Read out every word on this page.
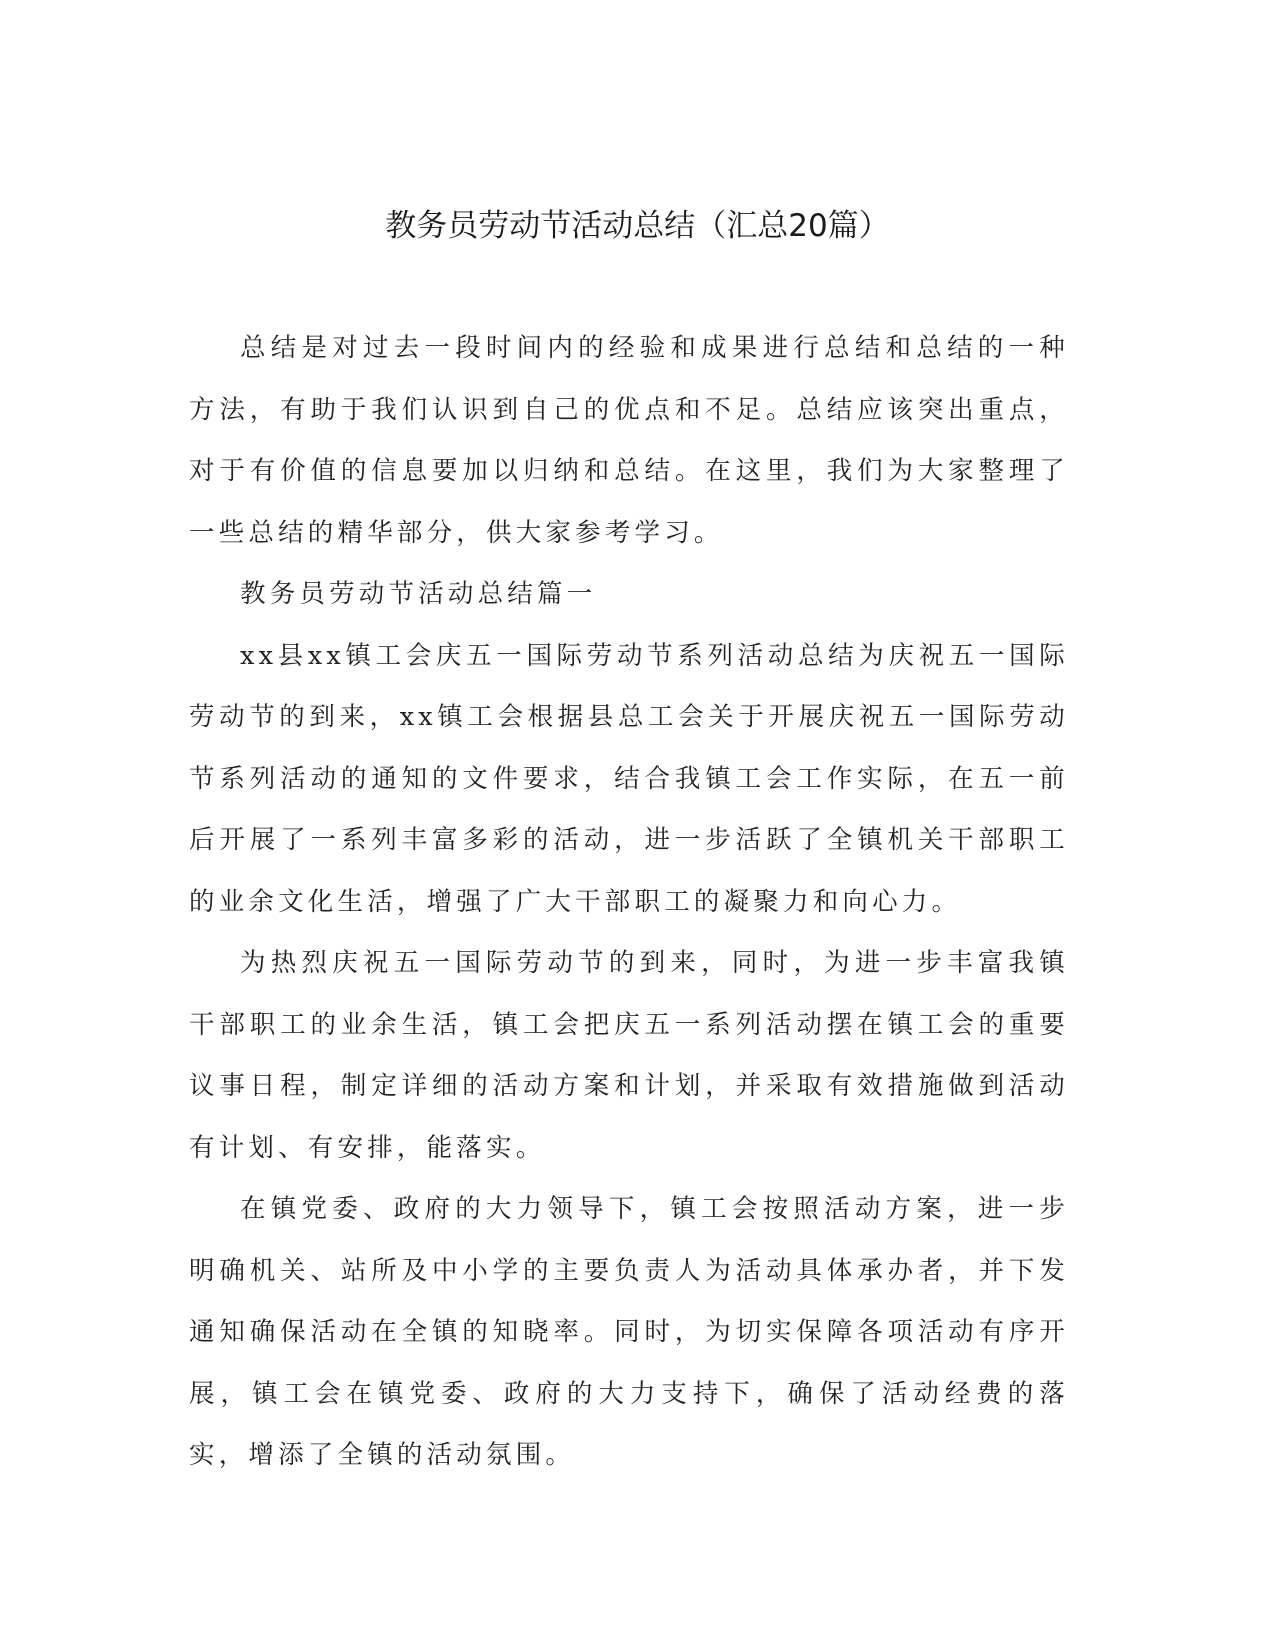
教务员劳动节活动总结（汇总20篇）

总结是对过去一段时间内的经验和成果进行总结和总结的一种方法，有助于我们认识到自己的优点和不足。总结应该突出重点，对于有价值的信息要加以归纳和总结。在这里，我们为大家整理了一些总结的精华部分，供大家参考学习。

教务员劳动节活动总结篇一

xx县xx镇工会庆五一国际劳动节系列活动总结为庆祝五一国际劳动节的到来，xx镇工会根据县总工会关于开展庆祝五一国际劳动节系列活动的通知的文件要求，结合我镇工会工作实际，在五一前后开展了一系列丰富多彩的活动，进一步活跃了全镇机关干部职工的业余文化生活，增强了广大干部职工的凝聚力和向心力。

为热烈庆祝五一国际劳动节的到来，同时，为进一步丰富我镇干部职工的业余生活，镇工会把庆五一系列活动摆在镇工会的重要议事日程，制定详细的活动方案和计划，并采取有效措施做到活动有计划、有安排，能落实。

在镇党委、政府的大力领导下，镇工会按照活动方案，进一步明确机关、站所及中小学的主要负责人为活动具体承办者，并下发通知确保活动在全镇的知晓率。同时，为切实保障各项活动有序开展，镇工会在镇党委、政府的大力支持下，确保了活动经费的落实，增添了全镇的活动氛围。
